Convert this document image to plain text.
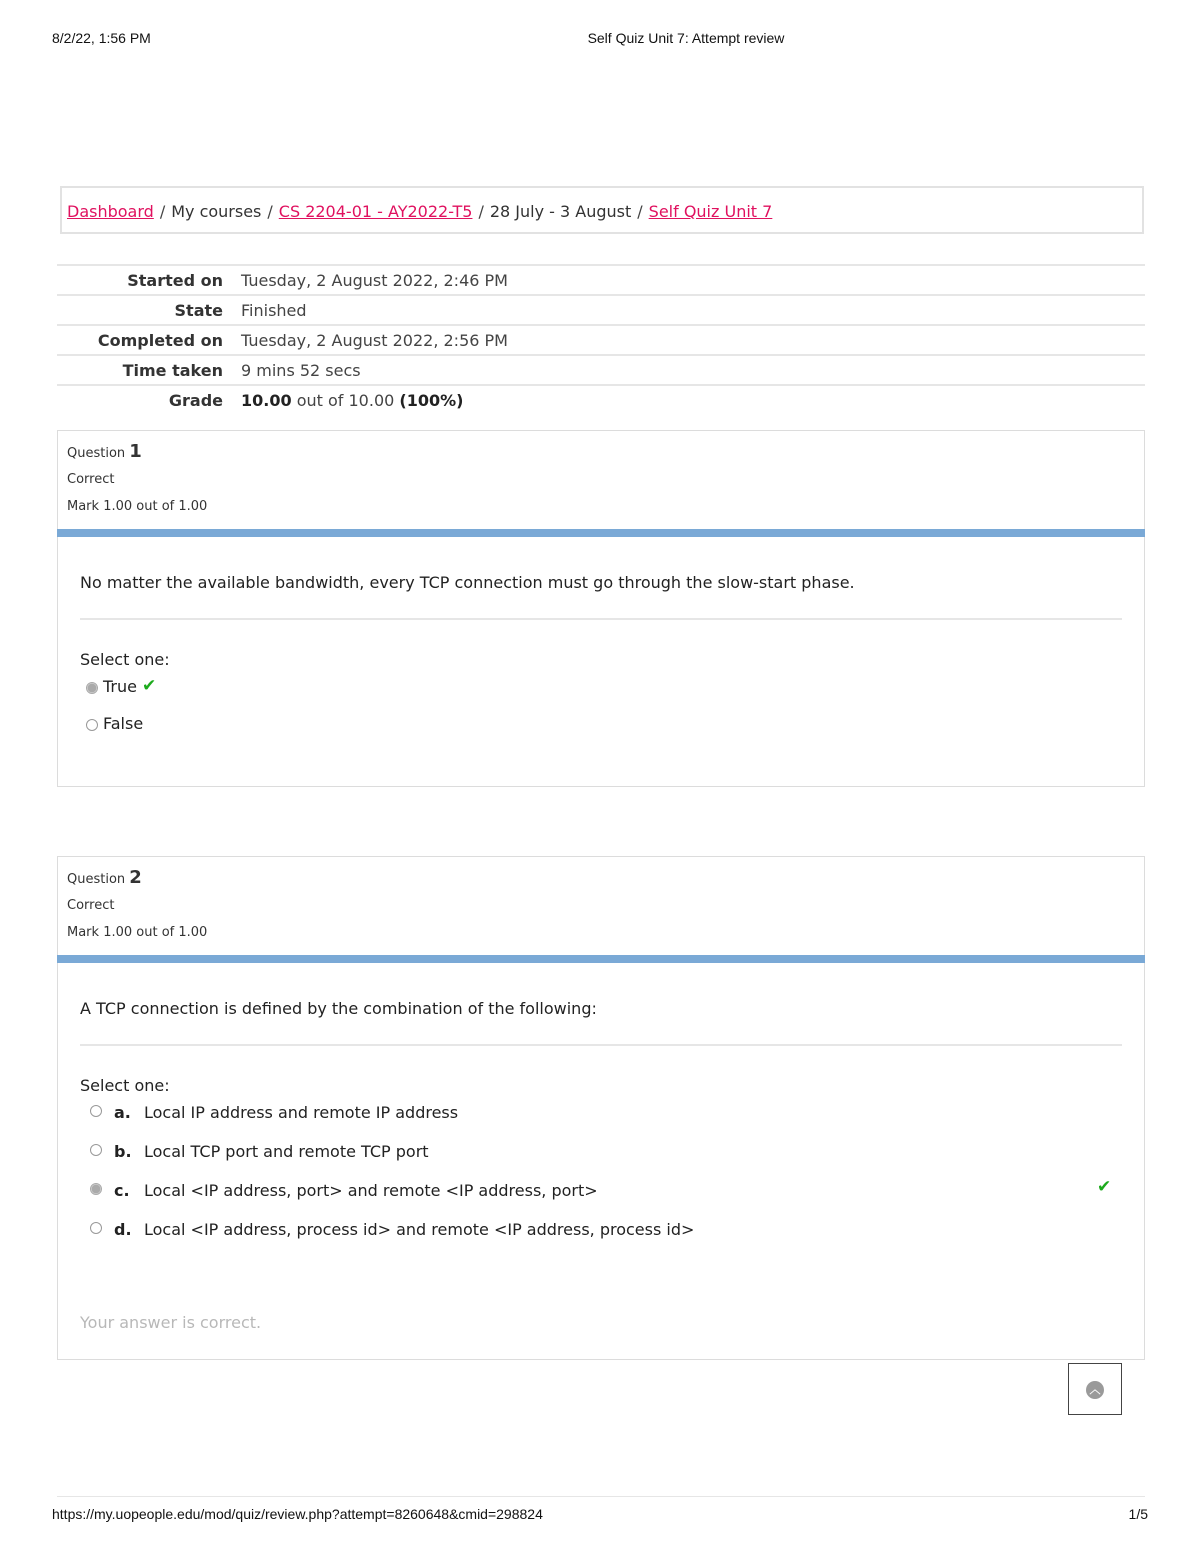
8/2/22, 1:56 PM	Self Quiz Unit 7: Attempt review
Dashboard / My courses / CS 2204-01 - AY2022-T5 / 28 July - 3 August / Self Quiz Unit 7
Started on	Tuesday, 2 August 2022, 2:46 PM
State	Finished
Completed on	Tuesday, 2 August 2022, 2:56 PM
Time taken	9 mins 52 secs
Grade	10.00 out of 10.00 (100%)
Question 1
Correct
Mark 1.00 out of 1.00
No matter the available bandwidth, every TCP connection must go through the slow-start phase.
Select one:
True ✔
False
Question 2
Correct
Mark 1.00 out of 1.00
A TCP connection is defined by the combination of the following:
Select one:
a. Local IP address and remote IP address
b. Local TCP port and remote TCP port
c. Local <IP address, port> and remote <IP address, port>	✔
d. Local <IP address, process id> and remote <IP address, process id>
Your answer is correct.
︿
https://my.uopeople.edu/mod/quiz/review.php?attempt=8260648&cmid=298824	1/5
